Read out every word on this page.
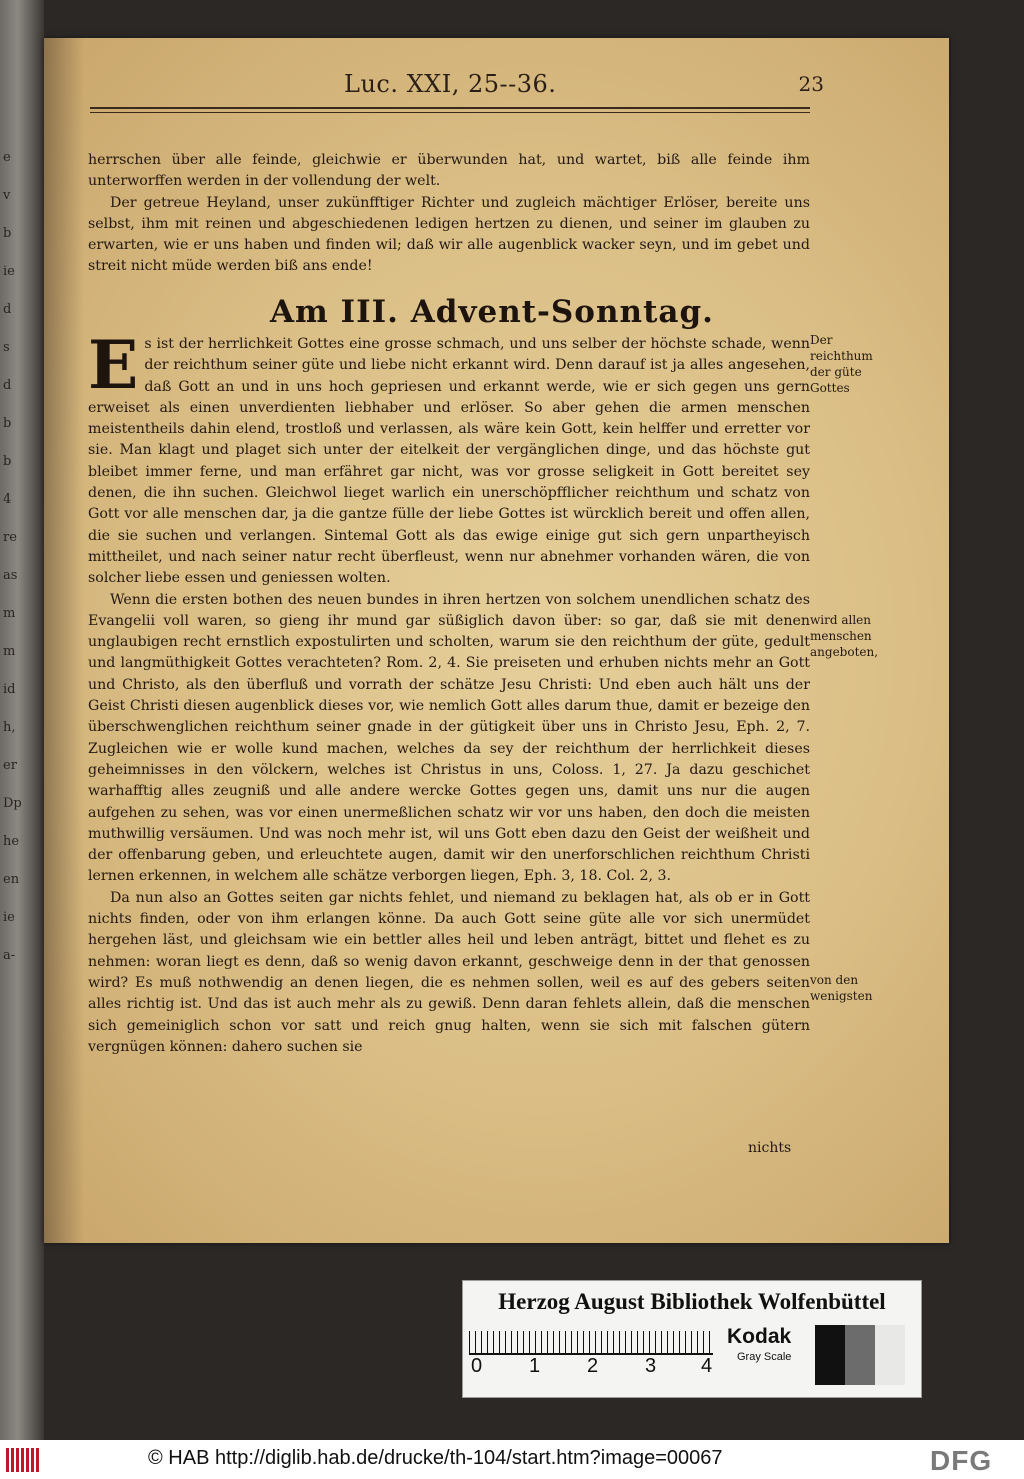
e
v
b
ie
d
s
d
b
b
4
re
as
m
m
id
h,
er
Dp
he
en
ie
a-
Luc. XXI, 25--36.	23

herrschen über alle feinde, gleichwie er überwunden hat, und wartet, biß alle feinde ihm unterworffen werden in der vollendung der welt.

Der getreue Heyland, unser zukünfftiger Richter und zugleich mächtiger Erlöser, bereite uns selbst, ihm mit reinen und abgeschiedenen ledigen hertzen zu dienen, und seiner im glauben zu erwarten, wie er uns haben und finden wil; daß wir alle augenblick wacker seyn, und im gebet und streit nicht müde werden biß ans ende!

Am III. Advent-Sonntag.

Es ist der herrlichkeit Gottes eine grosse schmach, und uns selber der höchste schade, wenn der reichthum seiner güte und liebe nicht erkannt wird. Denn darauf ist ja alles angesehen, daß Gott an und in uns hoch gepriesen und erkannt werde, wie er sich gegen uns gern erweiset als einen unverdienten liebhaber und erlöser. So aber gehen die armen menschen meistentheils dahin elend, trostloß und verlassen, als wäre kein Gott, kein helffer und erretter vor sie. Man klagt und plaget sich unter der eitelkeit der vergänglichen dinge, und das höchste gut bleibet immer ferne, und man erfähret gar nicht, was vor grosse seligkeit in Gott bereitet sey denen, die ihn suchen. Gleichwol lieget warlich ein unerschöpfflicher reichthum und schatz von Gott vor alle menschen dar, ja die gantze fülle der liebe Gottes ist würcklich bereit und offen allen, die sie suchen und verlangen. Sintemal Gott als das ewige einige gut sich gern unpartheyisch mittheilet, und nach seiner natur recht überfleust, wenn nur abnehmer vorhanden wären, die von solcher liebe essen und geniessen wolten.

Wenn die ersten bothen des neuen bundes in ihren hertzen von solchem unendlichen schatz des Evangelii voll waren, so gieng ihr mund gar süßiglich davon über: so gar, daß sie mit denen unglaubigen recht ernstlich expostulirten und scholten, warum sie den reichthum der güte, gedult und langmüthigkeit Gottes verachteten? Rom. 2, 4. Sie preiseten und erhuben nichts mehr an Gott und Christo, als den überfluß und vorrath der schätze Jesu Christi: Und eben auch hält uns der Geist Christi diesen augenblick dieses vor, wie nemlich Gott alles darum thue, damit er bezeige den überschwenglichen reichthum seiner gnade in der gütigkeit über uns in Christo Jesu, Eph. 2, 7. Zugleichen wie er wolle kund machen, welches da sey der reichthum der herrlichkeit dieses geheimnisses in den völckern, welches ist Christus in uns, Coloss. 1, 27. Ja dazu geschichet warhafftig alles zeugniß und alle andere wercke Gottes gegen uns, damit uns nur die augen aufgehen zu sehen, was vor einen unermeßlichen schatz wir vor uns haben, den doch die meisten muthwillig versäumen. Und was noch mehr ist, wil uns Gott eben dazu den Geist der weißheit und der offenbarung geben, und erleuchtete augen, damit wir den unerforschlichen reichthum Christi lernen erkennen, in welchem alle schätze verborgen liegen, Eph. 3, 18. Col. 2, 3.

Da nun also an Gottes seiten gar nichts fehlet, und niemand zu beklagen hat, als ob er in Gott nichts finden, oder von ihm erlangen könne. Da auch Gott seine güte alle vor sich unermüdet hergehen läst, und gleichsam wie ein bettler alles heil und leben anträgt, bittet und flehet es zu nehmen: woran liegt es denn, daß so wenig davon erkannt, geschweige denn in der that genossen wird? Es muß nothwendig an denen liegen, die es nehmen sollen, weil es auf des gebers seiten alles richtig ist. Und das ist auch mehr als zu gewiß. Denn daran fehlets allein, daß die menschen sich gemeiniglich schon vor satt und reich gnug halten, wenn sie sich mit falschen gütern vergnügen können: dahero suchen sie

Der reichthum der güte Gottes
wird allen menschen angeboten,
von den wenigsten
nichts
Herzog August Bibliothek Wolfenbüttel
0 1 2 3 4
Kodak
Gray Scale
© HAB http://diglib.hab.de/drucke/th-104/start.htm?image=00067	DFG
